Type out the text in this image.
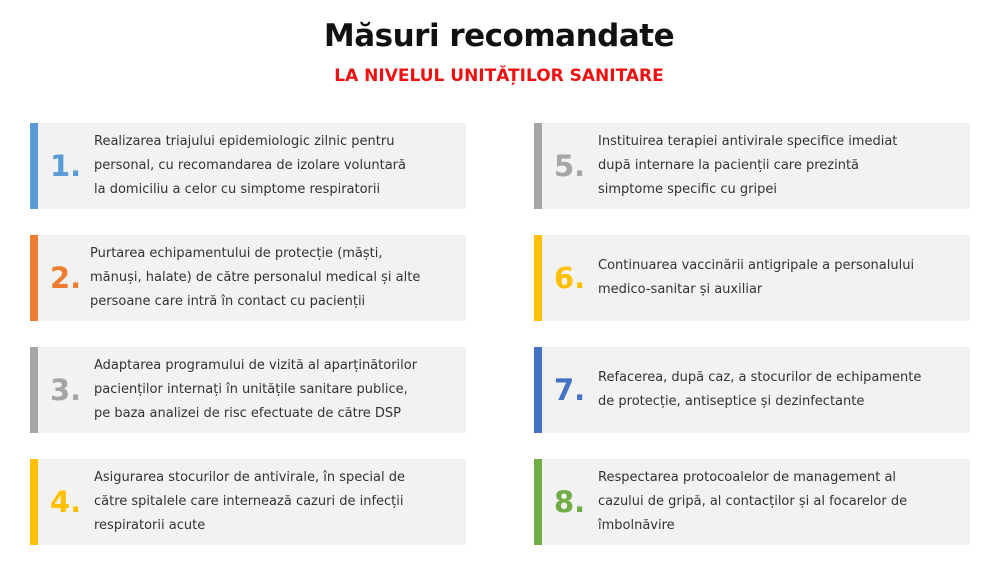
Măsuri recomandate
LA NIVELUL UNITĂȚILOR SANITARE
1.
Realizarea triajului epidemiologic zilnic pentru
personal, cu recomandarea de izolare voluntară
la domiciliu a celor cu simptome respiratorii
2.
Purtarea echipamentului de protecție (măști,
mănuși, halate) de către personalul medical și alte
persoane care intră în contact cu pacienții
3.
Adaptarea programului de vizită al aparținătorilor
pacienților internați în unitățile sanitare publice,
pe baza analizei de risc efectuate de către DSP
4.
Asigurarea stocurilor de antivirale, în special de
către spitalele care internează cazuri de infecții
respiratorii acute
5.
Instituirea terapiei antivirale specifice imediat
după internare la pacienții care prezintă
simptome specific cu gripei
6. Continuarea vaccinării antigripale a personalului
medico-sanitar și auxiliar
7. Refacerea, după caz, a stocurilor de echipamente
de protecție, antiseptice și dezinfectante
8.
Respectarea protocoalelor de management al
cazului de gripă, al contacților și al focarelor de
îmbolnăvire
